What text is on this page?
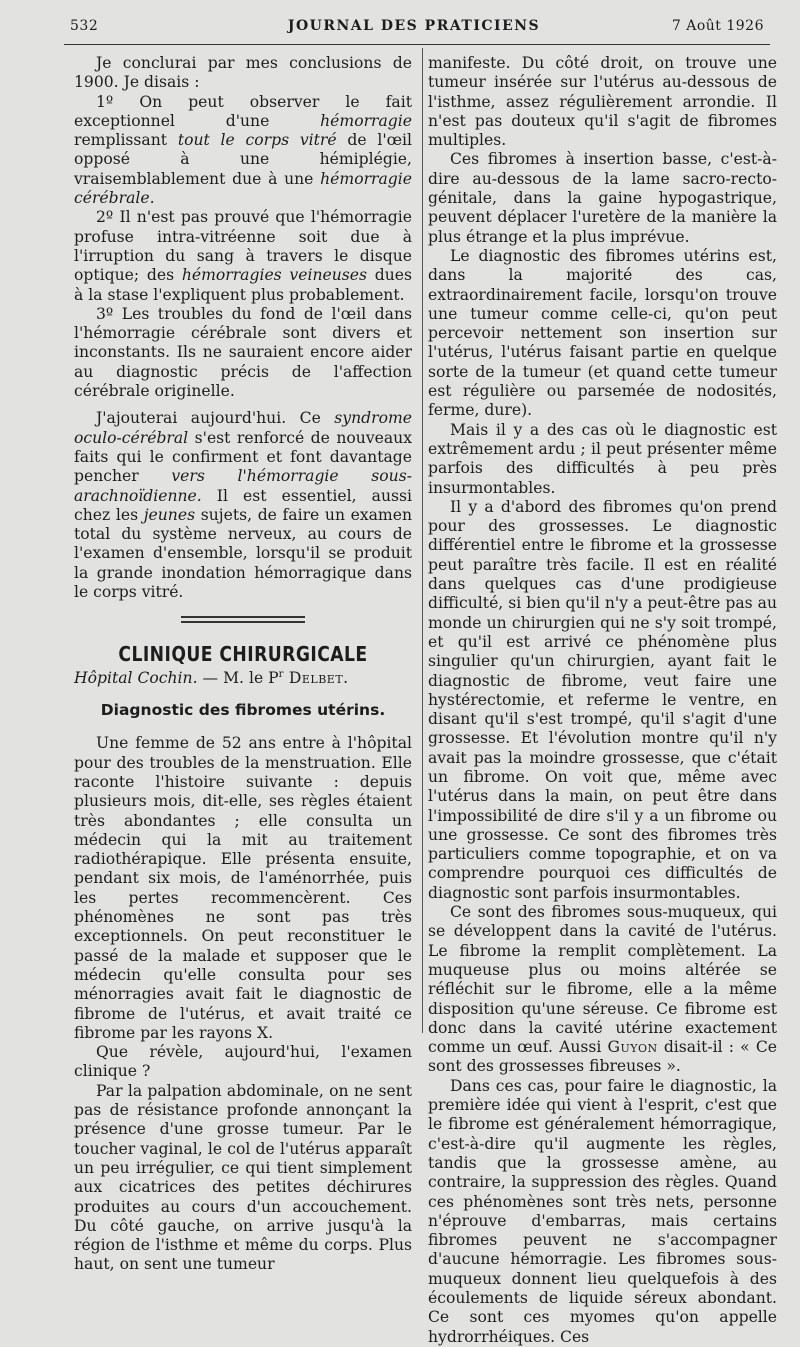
532	JOURNAL DES PRATICIENS	7 Août 1926

Je conclurai par mes conclusions de 1900. Je disais :

1º On peut observer le fait exceptionnel d'une hémorragie remplissant tout le corps vitré de l'œil opposé à une hémiplégie, vraisemblablement due à une hémorragie cérébrale.

2º Il n'est pas prouvé que l'hémorragie profuse intra-vitréenne soit due à l'irruption du sang à travers le disque optique; des hémorragies veineuses dues à la stase l'expliquent plus probablement.

3º Les troubles du fond de l'œil dans l'hémorragie cérébrale sont divers et inconstants. Ils ne sauraient encore aider au diagnostic précis de l'affection cérébrale originelle.

J'ajouterai aujourd'hui. Ce syndrome oculo-cérébral s'est renforcé de nouveaux faits qui le confirment et font davantage pencher vers l'hémorragie sous-arachnoïdienne. Il est essentiel, aussi chez les jeunes sujets, de faire un examen total du système nerveux, au cours de l'examen d'ensemble, lorsqu'il se produit la grande inondation hémorragique dans le corps vitré.

CLINIQUE CHIRURGICALE

Hôpital Cochin. — M. le $P^r$ Delbet.

Diagnostic des fibromes utérins.

Une femme de 52 ans entre à l'hôpital pour des troubles de la menstruation. Elle raconte l'histoire suivante : depuis plusieurs mois, dit-elle, ses règles étaient très abondantes ; elle consulta un médecin qui la mit au traitement radiothérapique. Elle présenta ensuite, pendant six mois, de l'aménorrhée, puis les pertes recommencèrent. Ces phénomènes ne sont pas très exceptionnels. On peut reconstituer le passé de la malade et supposer que le médecin qu'elle consulta pour ses ménorragies avait fait le diagnostic de fibrome de l'utérus, et avait traité ce fibrome par les rayons X.

Que révèle, aujourd'hui, l'examen clinique ?

Par la palpation abdominale, on ne sent pas de résistance profonde annonçant la présence d'une grosse tumeur. Par le toucher vaginal, le col de l'utérus apparaît un peu irrégulier, ce qui tient simplement aux cicatrices des petites déchirures produites au cours d'un accouchement. Du côté gauche, on arrive jusqu'à la région de l'isthme et même du corps. Plus haut, on sent une tumeur

manifeste. Du côté droit, on trouve une tumeur insérée sur l'utérus au-dessous de l'isthme, assez régulièrement arrondie. Il n'est pas douteux qu'il s'agit de fibromes multiples.

Ces fibromes à insertion basse, c'est-à-dire au-dessous de la lame sacro-recto-génitale, dans la gaine hypogastrique, peuvent déplacer l'uretère de la manière la plus étrange et la plus imprévue.

Le diagnostic des fibromes utérins est, dans la majorité des cas, extraordinairement facile, lorsqu'on trouve une tumeur comme celle-ci, qu'on peut percevoir nettement son insertion sur l'utérus, l'utérus faisant partie en quelque sorte de la tumeur (et quand cette tumeur est régulière ou parsemée de nodosités, ferme, dure).

Mais il y a des cas où le diagnostic est extrêmement ardu ; il peut présenter même parfois des difficultés à peu près insurmontables.

Il y a d'abord des fibromes qu'on prend pour des grossesses. Le diagnostic différentiel entre le fibrome et la grossesse peut paraître très facile. Il est en réalité dans quelques cas d'une prodigieuse difficulté, si bien qu'il n'y a peut-être pas au monde un chirurgien qui ne s'y soit trompé, et qu'il est arrivé ce phénomène plus singulier qu'un chirurgien, ayant fait le diagnostic de fibrome, veut faire une hystérectomie, et referme le ventre, en disant qu'il s'est trompé, qu'il s'agit d'une grossesse. Et l'évolution montre qu'il n'y avait pas la moindre grossesse, que c'était un fibrome. On voit que, même avec l'utérus dans la main, on peut être dans l'impossibilité de dire s'il y a un fibrome ou une grossesse. Ce sont des fibromes très particuliers comme topographie, et on va comprendre pourquoi ces difficultés de diagnostic sont parfois insurmontables.

Ce sont des fibromes sous-muqueux, qui se développent dans la cavité de l'utérus. Le fibrome la remplit complètement. La muqueuse plus ou moins altérée se réfléchit sur le fibrome, elle a la même disposition qu'une séreuse. Ce fibrome est donc dans la cavité utérine exactement comme un œuf. Aussi Guyon disait-il : « Ce sont des grossesses fibreuses ».

Dans ces cas, pour faire le diagnostic, la première idée qui vient à l'esprit, c'est que le fibrome est généralement hémorragique, c'est-à-dire qu'il augmente les règles, tandis que la grossesse amène, au contraire, la suppression des règles. Quand ces phénomènes sont très nets, personne n'éprouve d'embarras, mais certains fibromes peuvent ne s'accompagner d'aucune hémorragie. Les fibromes sous-muqueux donnent lieu quelquefois à des écoulements de liquide séreux abondant. Ce sont ces myomes qu'on appelle hydrorrhéiques. Ces
